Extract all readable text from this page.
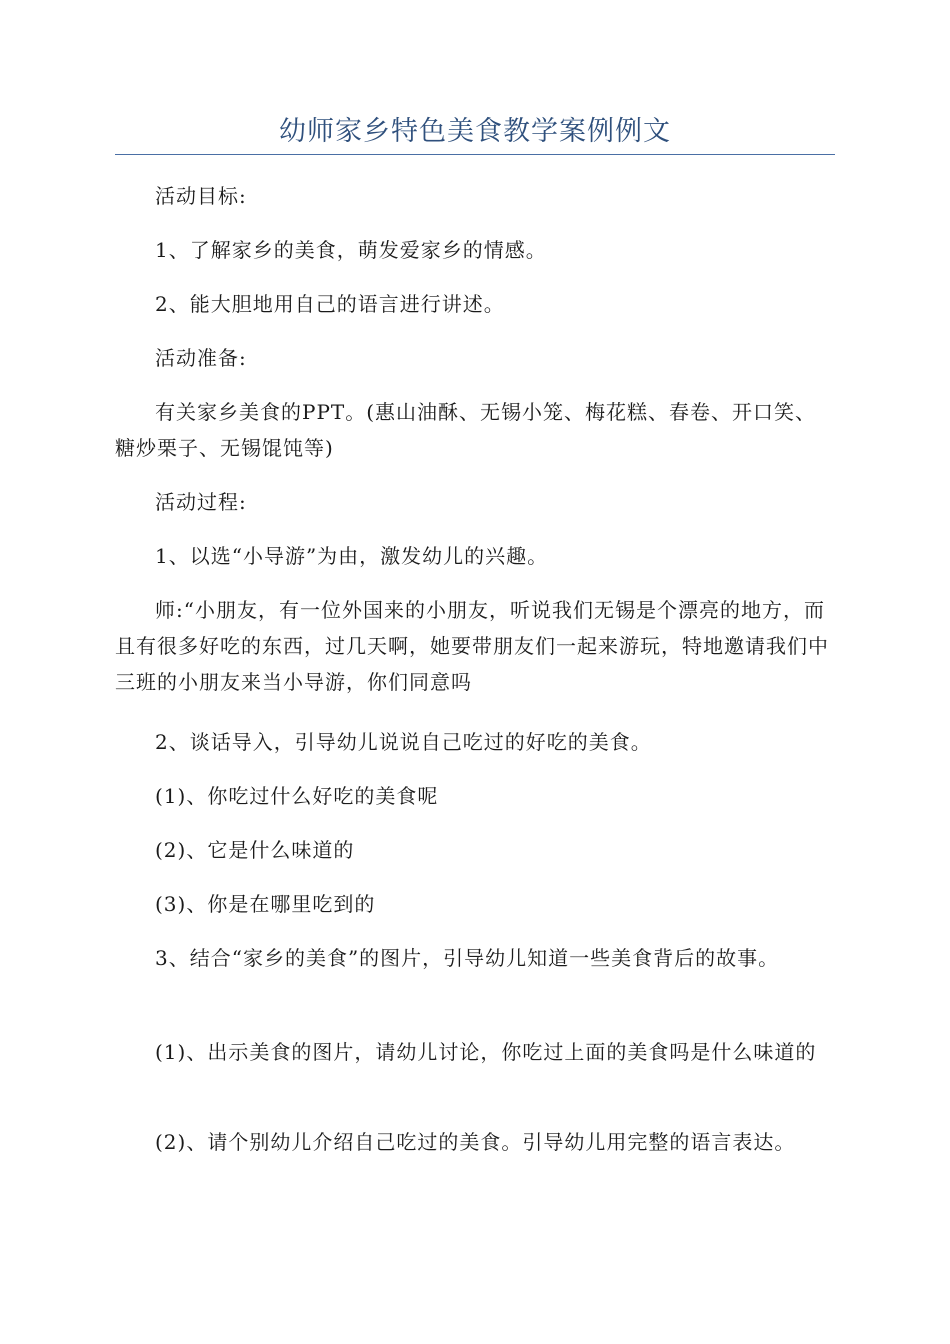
幼师家乡特色美食教学案例例文

活动目标:

1、了解家乡的美食，萌发爱家乡的情感。

2、能大胆地用自己的语言进行讲述。

活动准备:

有关家乡美食的PPT。(惠山油酥、无锡小笼、梅花糕、春卷、开口笑、糖炒栗子、无锡馄饨等)

活动过程:

1、以选“小导游”为由，激发幼儿的兴趣。

师:“小朋友，有一位外国来的小朋友，听说我们无锡是个漂亮的地方，而且有很多好吃的东西，过几天啊，她要带朋友们一起来游玩，特地邀请我们中三班的小朋友来当小导游，你们同意吗

2、谈话导入，引导幼儿说说自己吃过的好吃的美食。

(1)、你吃过什么好吃的美食呢

(2)、它是什么味道的

(3)、你是在哪里吃到的

3、结合“家乡的美食”的图片，引导幼儿知道一些美食背后的故事。

(1)、出示美食的图片，请幼儿讨论，你吃过上面的美食吗是什么味道的

(2)、请个别幼儿介绍自己吃过的美食。引导幼儿用完整的语言表达。
